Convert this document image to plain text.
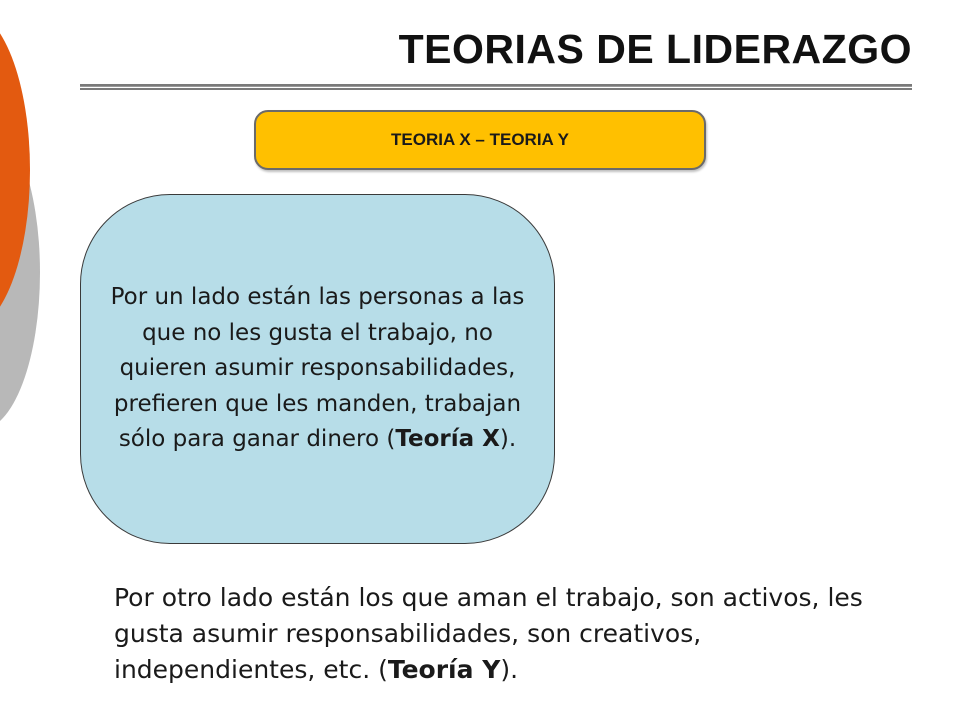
TEORIAS DE LIDERAZGO
TEORIA X – TEORIA Y

Por un lado están las personas a las que no les gusta el trabajo, no quieren asumir responsabilidades, prefieren que les manden, trabajan sólo para ganar dinero (Teoría X).

Por otro lado están los que aman el trabajo, son activos, les gusta asumir responsabilidades, son creativos, independientes, etc. (Teoría Y).
